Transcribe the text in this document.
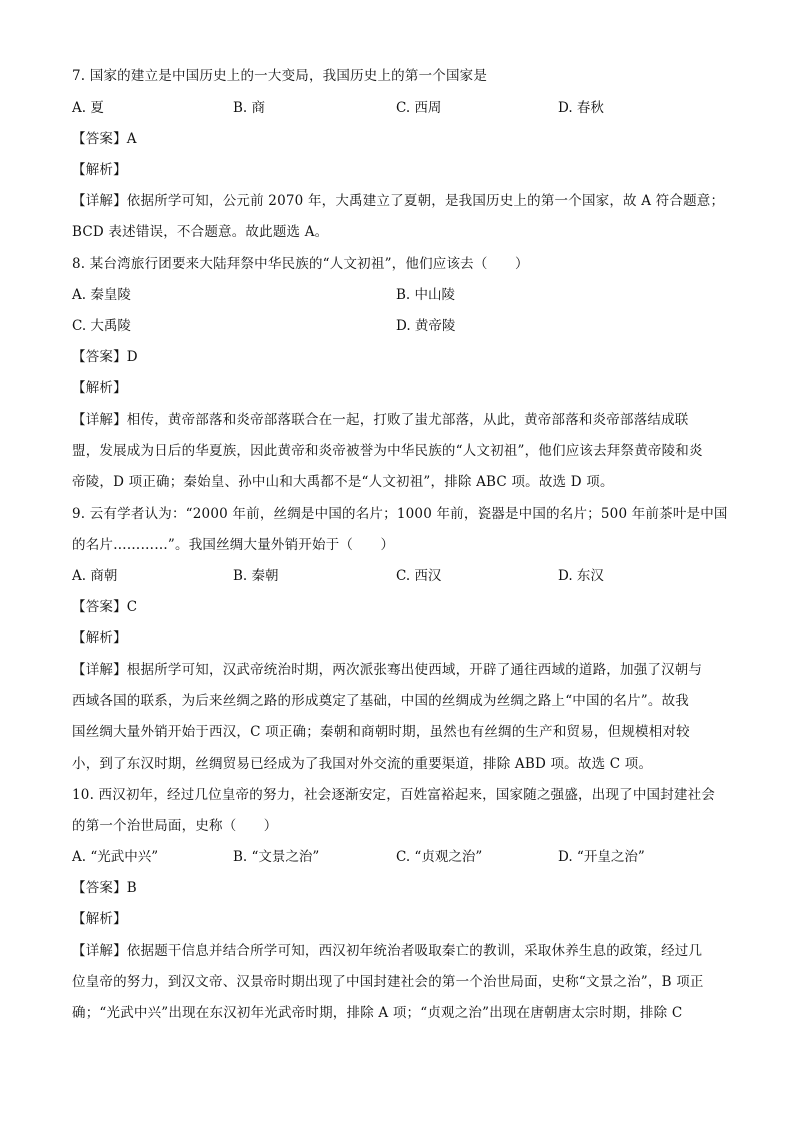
7. 国家的建立是中国历史上的一大变局，我国历史上的第一个国家是
A. 夏	B. 商	C. 西周	D. 春秋
【答案】A
【解析】
【详解】依据所学可知，公元前 2070 年，大禹建立了夏朝，是我国历史上的第一个国家，故 A 符合题意；
BCD 表述错误，不合题意。故此题选 A。
8. 某台湾旅行团要来大陆拜祭中华民族的“人文初祖”，他们应该去（　　）
A. 秦皇陵	B. 中山陵
C. 大禹陵	D. 黄帝陵
【答案】D
【解析】
【详解】相传，黄帝部落和炎帝部落联合在一起，打败了蚩尤部落，从此，黄帝部落和炎帝部落结成联
盟，发展成为日后的华夏族，因此黄帝和炎帝被誉为中华民族的“人文初祖”，他们应该去拜祭黄帝陵和炎
帝陵，D 项正确；秦始皇、孙中山和大禹都不是“人文初祖”，排除 ABC 项。故选 D 项。
9. 云有学者认为：“2000 年前，丝绸是中国的名片；1000 年前，瓷器是中国的名片；500 年前茶叶是中国
的名片…………”。我国丝绸大量外销开始于（　　）
A. 商朝	B. 秦朝	C. 西汉	D. 东汉
【答案】C
【解析】
【详解】根据所学可知，汉武帝统治时期，两次派张骞出使西域，开辟了通往西域的道路，加强了汉朝与
西域各国的联系，为后来丝绸之路的形成奠定了基础，中国的丝绸成为丝绸之路上“中国的名片”。故我
国丝绸大量外销开始于西汉，C 项正确；秦朝和商朝时期，虽然也有丝绸的生产和贸易，但规模相对较
小，到了东汉时期，丝绸贸易已经成为了我国对外交流的重要渠道，排除 ABD 项。故选 C 项。
10. 西汉初年，经过几位皇帝的努力，社会逐渐安定，百姓富裕起来，国家随之强盛，出现了中国封建社会
的第一个治世局面，史称（　　）
A. “光武中兴”	B. “文景之治”	C. “贞观之治”	D. “开皇之治”
【答案】B
【解析】
【详解】依据题干信息并结合所学可知，西汉初年统治者吸取秦亡的教训，采取休养生息的政策，经过几
位皇帝的努力，到汉文帝、汉景帝时期出现了中国封建社会的第一个治世局面，史称“文景之治”，B 项正
确；“光武中兴”出现在东汉初年光武帝时期，排除 A 项；“贞观之治”出现在唐朝唐太宗时期，排除 C
